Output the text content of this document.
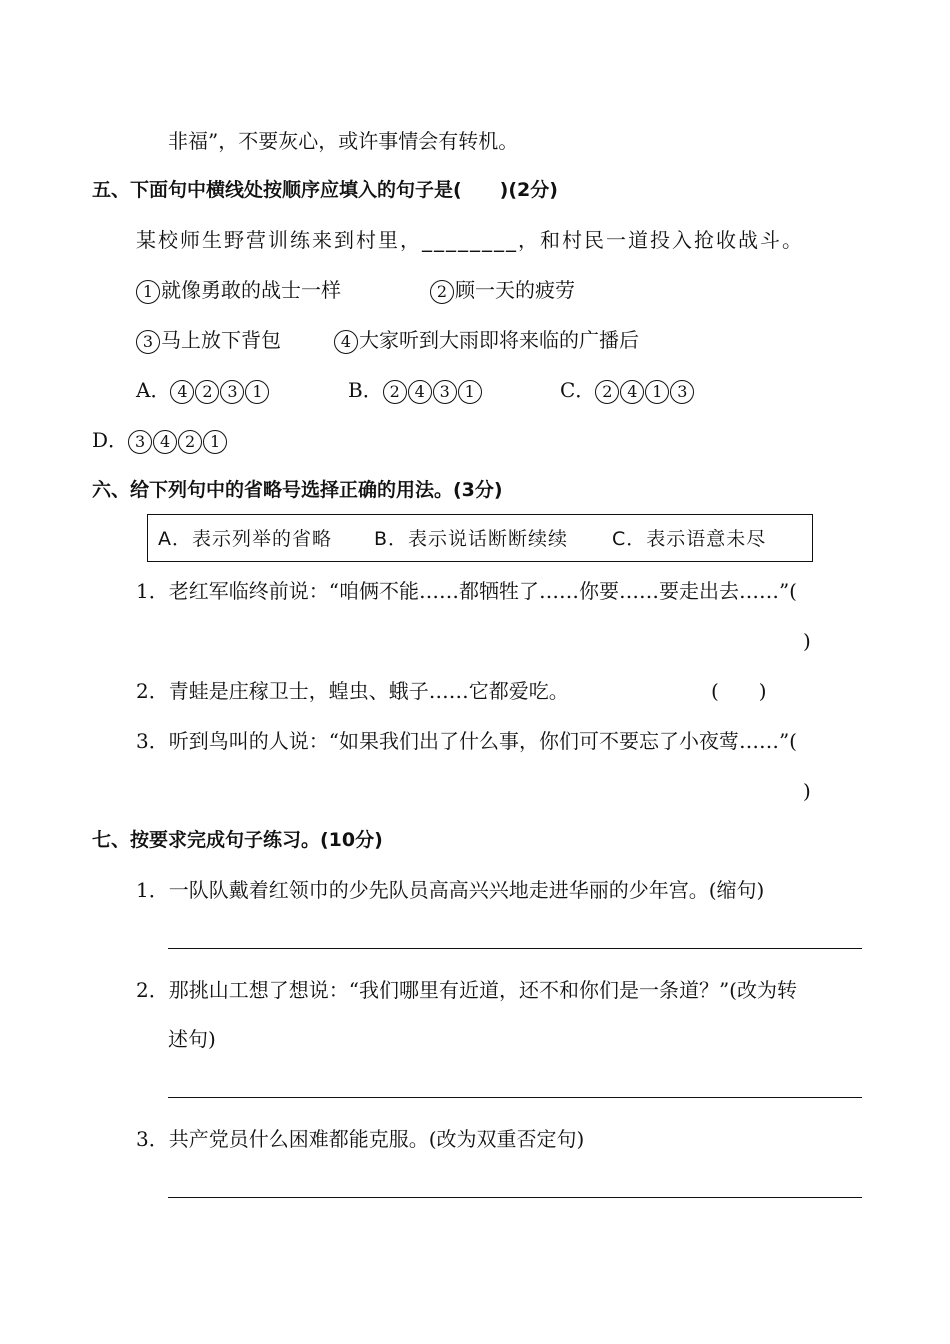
非福”，不要灰心，或许事情会有转机。
五、下面句中横线处按顺序应填入的句子是(　　)(2分)
某校师生野营训练来到村里，________，和村民一道投入抢收战斗。
1 就像勇敢的战士一样	2 顾一天的疲劳
3 马上放下背包	4 大家听到大雨即将来临的广播后
A． 4 2 3 1	B． 2 4 3 1	C． 2 4 1 3
D． 3 4 2 1
六、给下列句中的省略号选择正确的用法。(3分)
A．表示列举的省略 B．表示说话断断续续 C．表示语意未尽
1．老红军临终前说：“咱俩不能……都牺牲了……你要……要走出去……”(
)
2．青蛙是庄稼卫士，蝗虫、蛾子……它都爱吃。	(　　)
3．听到鸟叫的人说：“如果我们出了什么事，你们可不要忘了小夜莺……”(
)
七、按要求完成句子练习。(10分)
1．一队队戴着红领巾的少先队员高高兴兴地走进华丽的少年宫。(缩句)
2．那挑山工想了想说：“我们哪里有近道，还不和你们是一条道？”(改为转
述句)
3．共产党员什么困难都能克服。(改为双重否定句)
